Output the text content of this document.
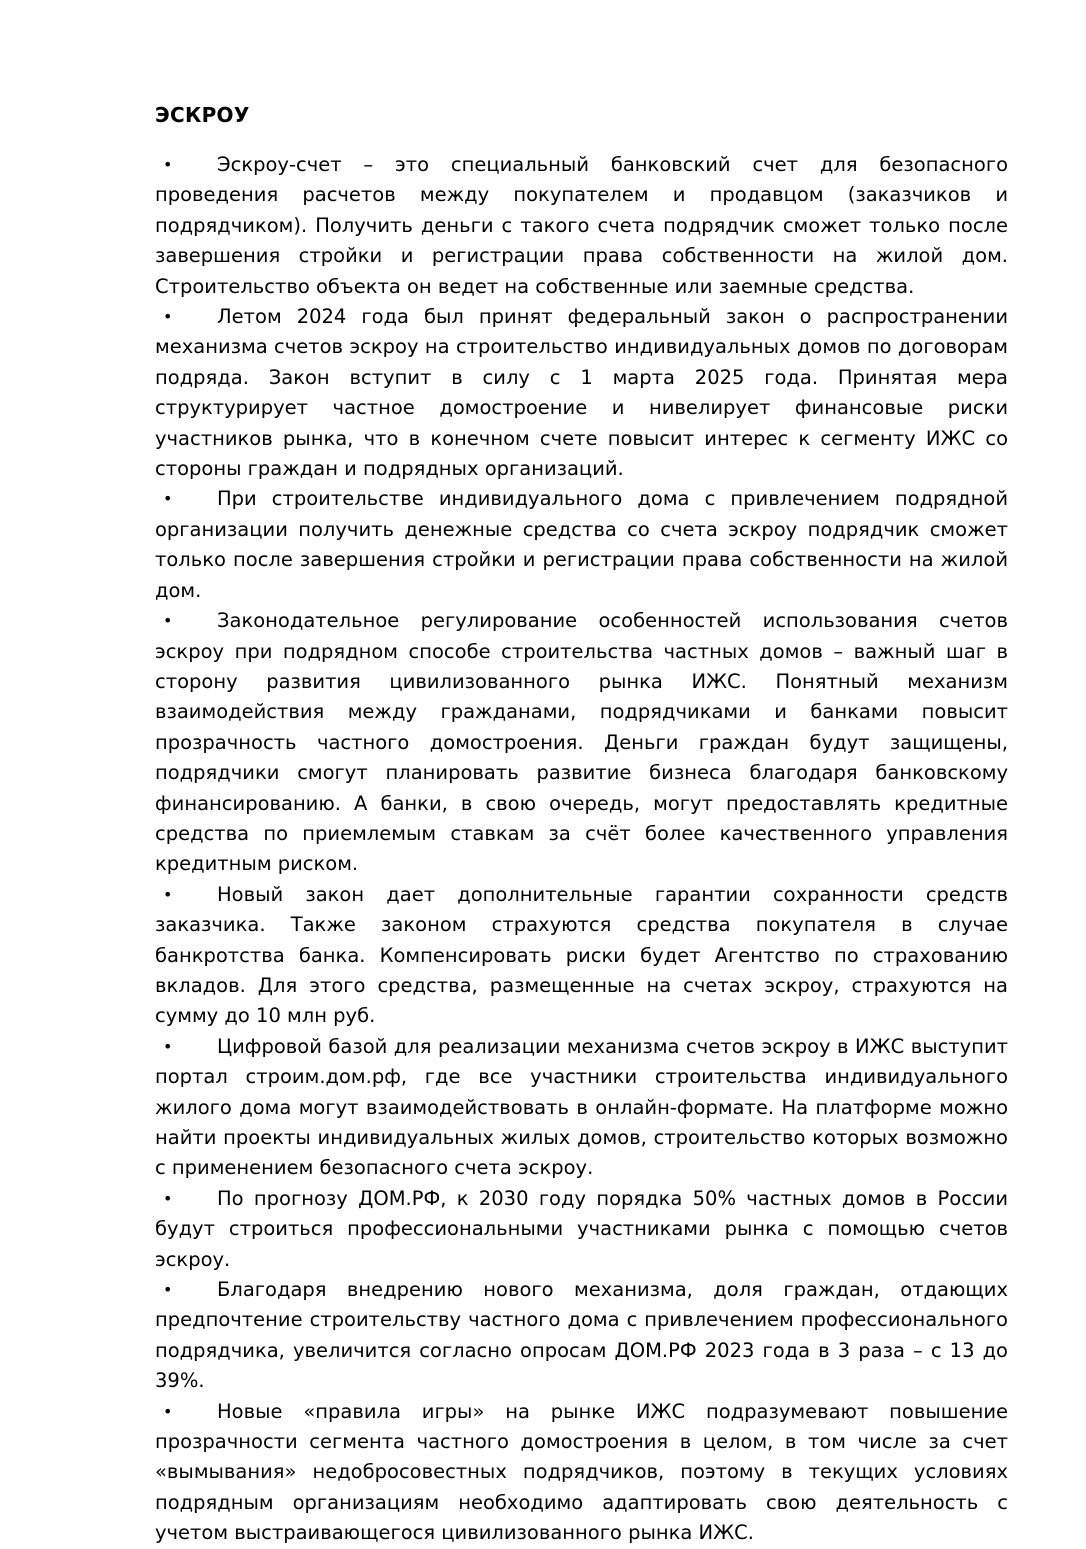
ЭСКРОУ
• Эскроу-счет – это специальный банковский счет для безопасного проведения расчетов между покупателем и продавцом (заказчиков и подрядчиком). Получить деньги с такого счета подрядчик сможет только после завершения стройки и регистрации права собственности на жилой дом. Строительство объекта он ведет на собственные или заемные средства.
• Летом 2024 года был принят федеральный закон о распространении механизма счетов эскроу на строительство индивидуальных домов по договорам подряда. Закон вступит в силу с 1 марта 2025 года. Принятая мера структурирует частное домостроение и нивелирует финансовые риски участников рынка, что в конечном счете повысит интерес к сегменту ИЖС со стороны граждан и подрядных организаций.
• При строительстве индивидуального дома с привлечением подрядной организации получить денежные средства со счета эскроу подрядчик сможет только после завершения стройки и регистрации права собственности на жилой дом.
• Законодательное регулирование особенностей использования счетов эскроу при подрядном способе строительства частных домов – важный шаг в сторону развития цивилизованного рынка ИЖС. Понятный механизм взаимодействия между гражданами, подрядчиками и банками повысит прозрачность частного домостроения. Деньги граждан будут защищены, подрядчики смогут планировать развитие бизнеса благодаря банковскому финансированию. А банки, в свою очередь, могут предоставлять кредитные средства по приемлемым ставкам за счёт более качественного управления кредитным риском.
• Новый закон дает дополнительные гарантии сохранности средств заказчика. Также законом страхуются средства покупателя в случае банкротства банка. Компенсировать риски будет Агентство по страхованию вкладов. Для этого средства, размещенные на счетах эскроу, страхуются на сумму до 10 млн руб.
• Цифровой базой для реализации механизма счетов эскроу в ИЖС выступит портал строим.дом.рф, где все участники строительства индивидуального жилого дома могут взаимодействовать в онлайн-формате. На платформе можно найти проекты индивидуальных жилых домов, строительство которых возможно с применением безопасного счета эскроу.
• По прогнозу ДОМ.РФ, к 2030 году порядка 50% частных домов в России будут строиться профессиональными участниками рынка с помощью счетов эскроу.
• Благодаря внедрению нового механизма, доля граждан, отдающих предпочтение строительству частного дома с привлечением профессионального подрядчика, увеличится согласно опросам ДОМ.РФ 2023 года в 3 раза – с 13 до 39%.
• Новые «правила игры» на рынке ИЖС подразумевают повышение прозрачности сегмента частного домостроения в целом, в том числе за счет «вымывания» недобросовестных подрядчиков, поэтому в текущих условиях подрядным организациям необходимо адаптировать свою деятельность с учетом выстраивающегося цивилизованного рынка ИЖС.
